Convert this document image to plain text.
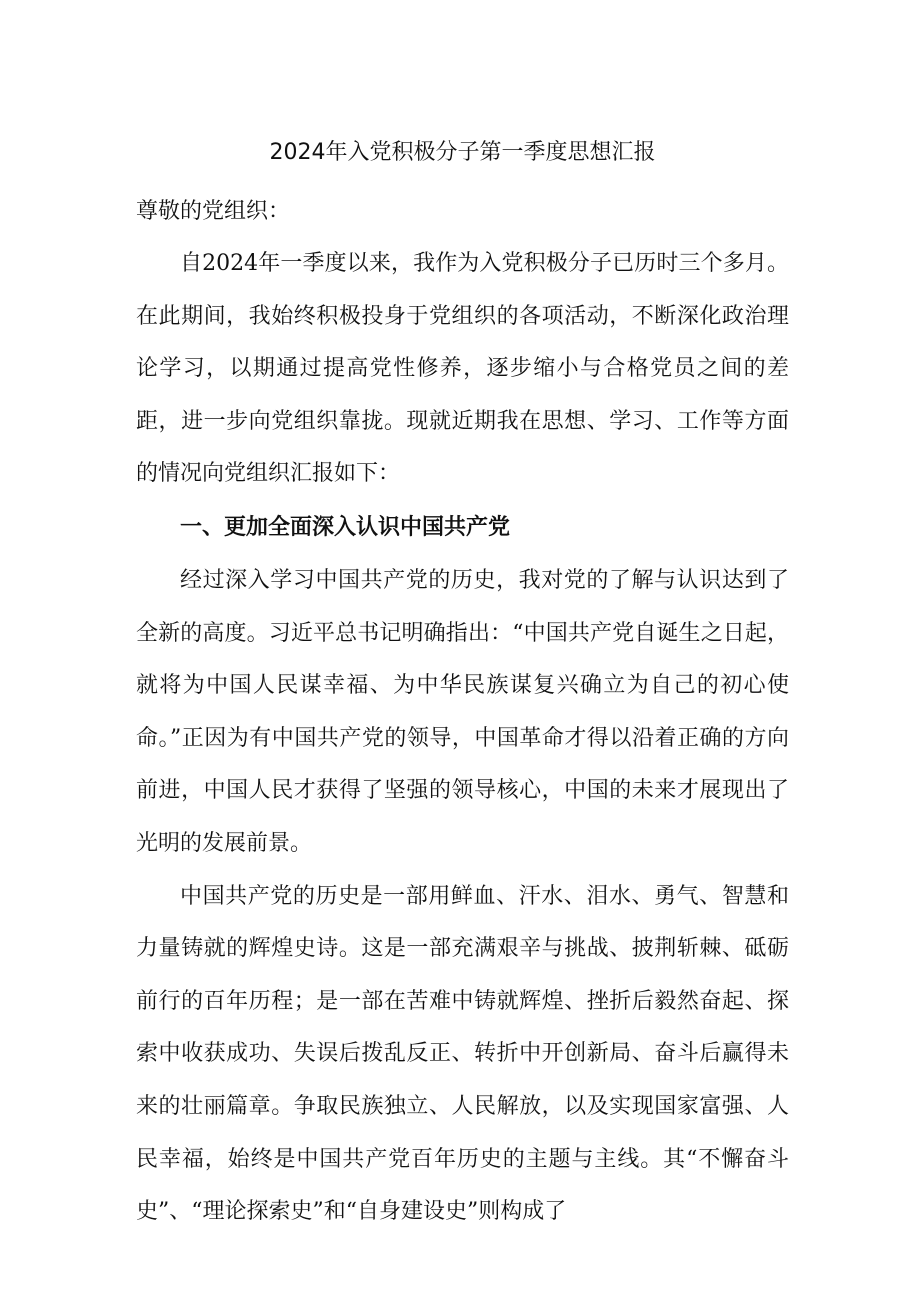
2024年入党积极分子第一季度思想汇报

尊敬的党组织：

自2024年一季度以来，我作为入党积极分子已历时三个多月。在此期间，我始终积极投身于党组织的各项活动，不断深化政治理论学习，以期通过提高党性修养，逐步缩小与合格党员之间的差距，进一步向党组织靠拢。现就近期我在思想、学习、工作等方面的情况向党组织汇报如下：

一、更加全面深入认识中国共产党

经过深入学习中国共产党的历史，我对党的了解与认识达到了全新的高度。习近平总书记明确指出：“中国共产党自诞生之日起，就将为中国人民谋幸福、为中华民族谋复兴确立为自己的初心使命。”正因为有中国共产党的领导，中国革命才得以沿着正确的方向前进，中国人民才获得了坚强的领导核心，中国的未来才展现出了光明的发展前景。

中国共产党的历史是一部用鲜血、汗水、泪水、勇气、智慧和力量铸就的辉煌史诗。这是一部充满艰辛与挑战、披荆斩棘、砥砺前行的百年历程；是一部在苦难中铸就辉煌、挫折后毅然奋起、探索中收获成功、失误后拨乱反正、转折中开创新局、奋斗后赢得未来的壮丽篇章。争取民族独立、人民解放，以及实现国家富强、人民幸福，始终是中国共产党百年历史的主题与主线。其“不懈奋斗史”、“理论探索史”和“自身建设史”则构成了
